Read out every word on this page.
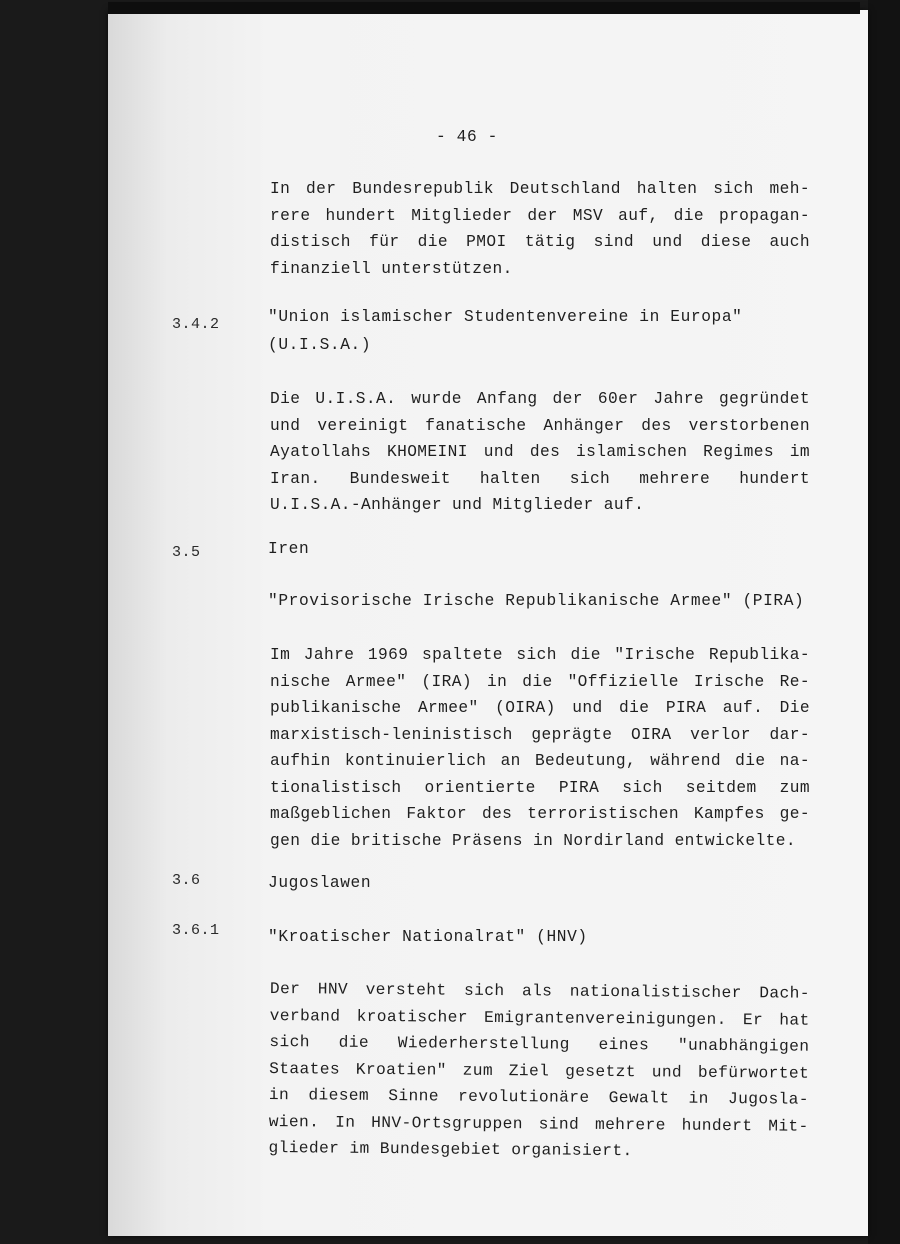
- 46 -
In der Bundesrepublik Deutschland halten sich meh-
rere hundert Mitglieder der MSV auf, die propagan-
distisch für die PMOI tätig sind und diese auch
finanziell unterstützen.
3.4.2	"Union islamischer Studentenvereine in Europa"
(U.I.S.A.)
Die U.I.S.A. wurde Anfang der 60er Jahre gegründet
und vereinigt fanatische Anhänger des verstorbenen
Ayatollahs KHOMEINI und des islamischen Regimes im
Iran. Bundesweit halten sich mehrere hundert
U.I.S.A.-Anhänger und Mitglieder auf.
3.5	Iren
"Provisorische Irische Republikanische Armee" (PIRA)
Im Jahre 1969 spaltete sich die "Irische Republika-
nische Armee" (IRA) in die "Offizielle Irische Re-
publikanische Armee" (OIRA) und die PIRA auf. Die
marxistisch-leninistisch geprägte OIRA verlor dar-
aufhin kontinuierlich an Bedeutung, während die na-
tionalistisch orientierte PIRA sich seitdem zum
maßgeblichen Faktor des terroristischen Kampfes ge-
gen die britische Präsens in Nordirland entwickelte.
3.6	Jugoslawen
3.6.1	"Kroatischer Nationalrat" (HNV)
Der HNV versteht sich als nationalistischer Dach-
verband kroatischer Emigrantenvereinigungen. Er hat
sich die Wiederherstellung eines "unabhängigen
Staates Kroatien" zum Ziel gesetzt und befürwortet
in diesem Sinne revolutionäre Gewalt in Jugosla-
wien. In HNV-Ortsgruppen sind mehrere hundert Mit-
glieder im Bundesgebiet organisiert.
